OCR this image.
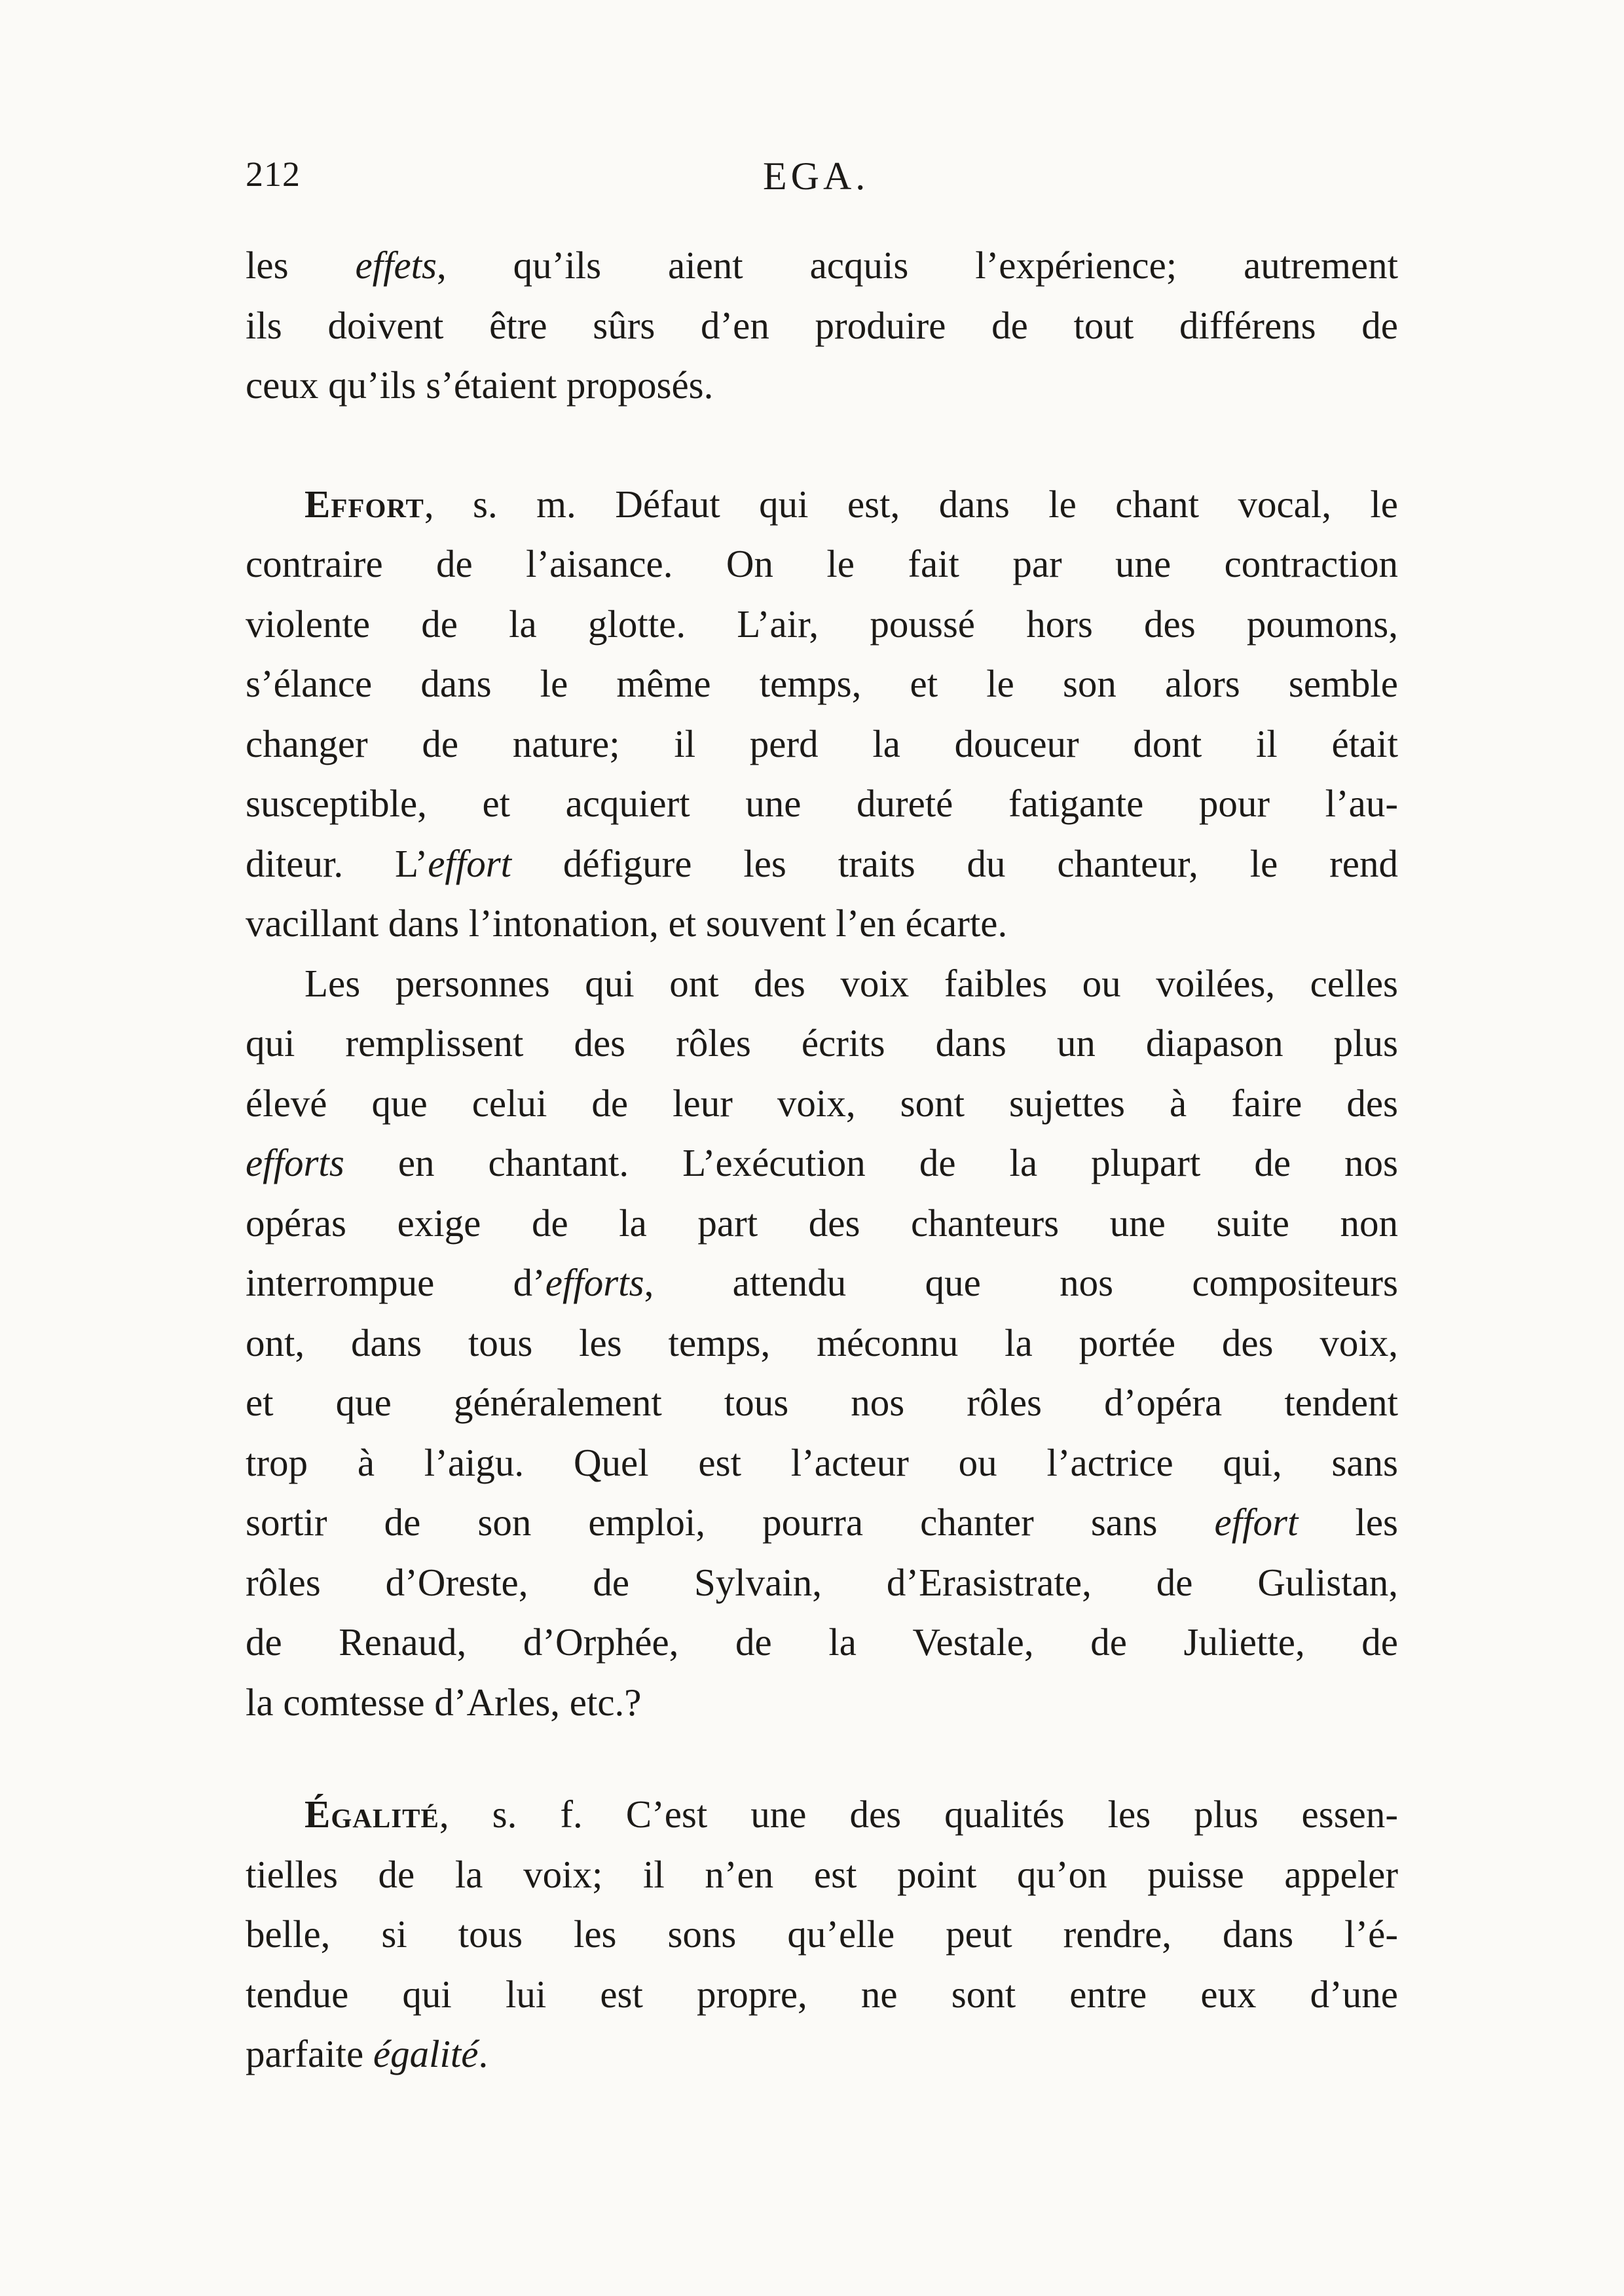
212	EGA.
les effets, qu’ils aient acquis l’expérience; autrement
ils doivent être sûrs d’en produire de tout différens de
ceux qu’ils s’étaient proposés.
Effort, s. m. Défaut qui est, dans le chant vocal, le
contraire de l’aisance. On le fait par une contraction
violente de la glotte. L’air, poussé hors des poumons,
s’élance dans le même temps, et le son alors semble
changer de nature; il perd la douceur dont il était
susceptible, et acquiert une dureté fatigante pour l’au-
diteur. L’effort défigure les traits du chanteur, le rend
vacillant dans l’intonation, et souvent l’en écarte.
Les personnes qui ont des voix faibles ou voilées, celles
qui remplissent des rôles écrits dans un diapason plus
élevé que celui de leur voix, sont sujettes à faire des
efforts en chantant. L’exécution de la plupart de nos
opéras exige de la part des chanteurs une suite non
interrompue d’efforts, attendu que nos compositeurs
ont, dans tous les temps, méconnu la portée des voix,
et que généralement tous nos rôles d’opéra tendent
trop à l’aigu. Quel est l’acteur ou l’actrice qui, sans
sortir de son emploi, pourra chanter sans effort les
rôles d’Oreste, de Sylvain, d’Erasistrate, de Gulistan,
de Renaud, d’Orphée, de la Vestale, de Juliette, de
la comtesse d’Arles, etc.?
Égalité, s. f. C’est une des qualités les plus essen-
tielles de la voix; il n’en est point qu’on puisse appeler
belle, si tous les sons qu’elle peut rendre, dans l’é-
tendue qui lui est propre, ne sont entre eux d’une
parfaite égalité.
